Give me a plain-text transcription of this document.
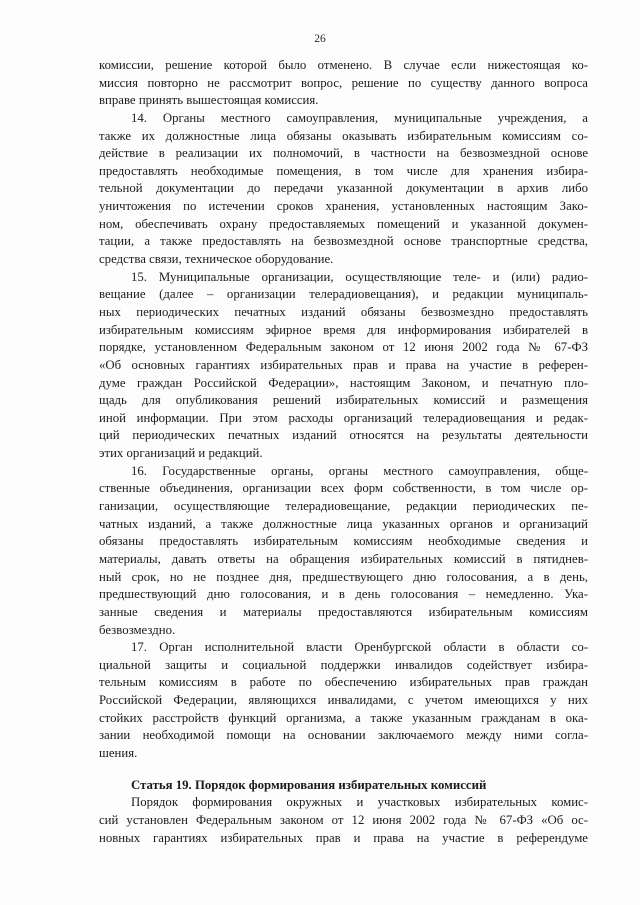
26
комиссии, решение которой было отменено. В случае если нижестоящая ко-
миссия повторно не рассмотрит вопрос, решение по существу данного вопроса
вправе принять вышестоящая комиссия.
14. Органы местного самоуправления, муниципальные учреждения, а
также их должностные лица обязаны оказывать избирательным комиссиям со-
действие в реализации их полномочий, в частности на безвозмездной основе
предоставлять необходимые помещения, в том числе для хранения избира-
тельной документации до передачи указанной документации в архив либо
уничтожения по истечении сроков хранения, установленных настоящим Зако-
ном, обеспечивать охрану предоставляемых помещений и указанной докумен-
тации, а также предоставлять на безвозмездной основе транспортные средства,
средства связи, техническое оборудование.
15. Муниципальные организации, осуществляющие теле- и (или) радио-
вещание (далее – организации телерадиовещания), и редакции муниципаль-
ных периодических печатных изданий обязаны безвозмездно предоставлять
избирательным комиссиям эфирное время для информирования избирателей в
порядке, установленном Федеральным законом от 12 июня 2002 года № 67-ФЗ
«Об основных гарантиях избирательных прав и права на участие в референ-
думе граждан Российской Федерации», настоящим Законом, и печатную пло-
щадь для опубликования решений избирательных комиссий и размещения
иной информации. При этом расходы организаций телерадиовещания и редак-
ций периодических печатных изданий относятся на результаты деятельности
этих организаций и редакций.
16. Государственные органы, органы местного самоуправления, обще-
ственные объединения, организации всех форм собственности, в том числе ор-
ганизации, осуществляющие телерадиовещание, редакции периодических пе-
чатных изданий, а также должностные лица указанных органов и организаций
обязаны предоставлять избирательным комиссиям необходимые сведения и
материалы, давать ответы на обращения избирательных комиссий в пятиднев-
ный срок, но не позднее дня, предшествующего дню голосования, а в день,
предшествующий дню голосования, и в день голосования – немедленно. Ука-
занные сведения и материалы предоставляются избирательным комиссиям
безвозмездно.
17. Орган исполнительной власти Оренбургской области в области со-
циальной защиты и социальной поддержки инвалидов содействует избира-
тельным комиссиям в работе по обеспечению избирательных прав граждан
Российской Федерации, являющихся инвалидами, с учетом имеющихся у них
стойких расстройств функций организма, а также указанным гражданам в ока-
зании необходимой помощи на основании заключаемого между ними согла-
шения.
Статья 19. Порядок формирования избирательных комиссий
Порядок формирования окружных и участковых избирательных комис-
сий установлен Федеральным законом от 12 июня 2002 года № 67-ФЗ «Об ос-
новных гарантиях избирательных прав и права на участие в референдуме
